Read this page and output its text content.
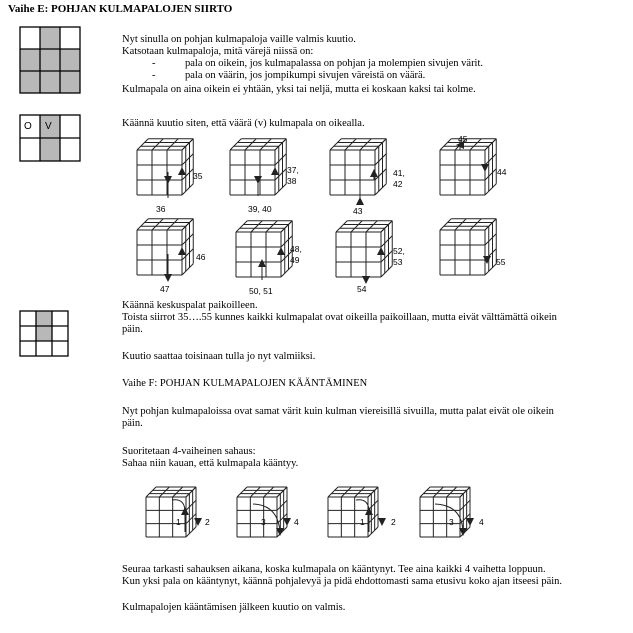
Vaihe E: POHJAN KULMAPALOJEN SIIRTO
Nyt sinulla on pohjan kulmapaloja vaille valmis kuutio.
Katsotaan kulmapaloja, mitä värejä niissä on:
-	pala on oikein, jos kulmapalassa on pohjan ja molempien sivujen värit.
-	pala on väärin, jos jompikumpi sivujen väreistä on väärä.
Kulmapala on aina oikein ei yhtään, yksi tai neljä, mutta ei koskaan kaksi tai kolme.
O V	Käännä kuutio siten, että väärä (v) kulmapala on oikealla.
35
36
37,
38
39, 40
41,
42
43
45
44
46
47
48,
49
50, 51
52,
53
54
55
Käännä keskuspalat paikoilleen.
Toista siirrot 35….55 kunnes kaikki kulmapalat ovat oikeilla paikoillaan, mutta eivät välttämättä oikein
päin.
Kuutio saattaa toisinaan tulla jo nyt valmiiksi.
Vaihe F: POHJAN KULMAPALOJEN KÄÄNTÄMINEN
Nyt pohjan kulmapaloissa ovat samat värit kuin kulman viereisillä sivuilla, mutta palat eivät ole oikein
päin.
Suoritetaan 4-vaiheinen sahaus:
Sahaa niin kauan, että kulmapala kääntyy.
1	2	3	4	1	2	3	4
Seuraa tarkasti sahauksen aikana, koska kulmapala on kääntynyt. Tee aina kaikki 4 vaihetta loppuun.
Kun yksi pala on kääntynyt, käännä pohjalevyä ja pidä ehdottomasti sama etusivu koko ajan itseesi päin.
Kulmapalojen kääntämisen jälkeen kuutio on valmis.
